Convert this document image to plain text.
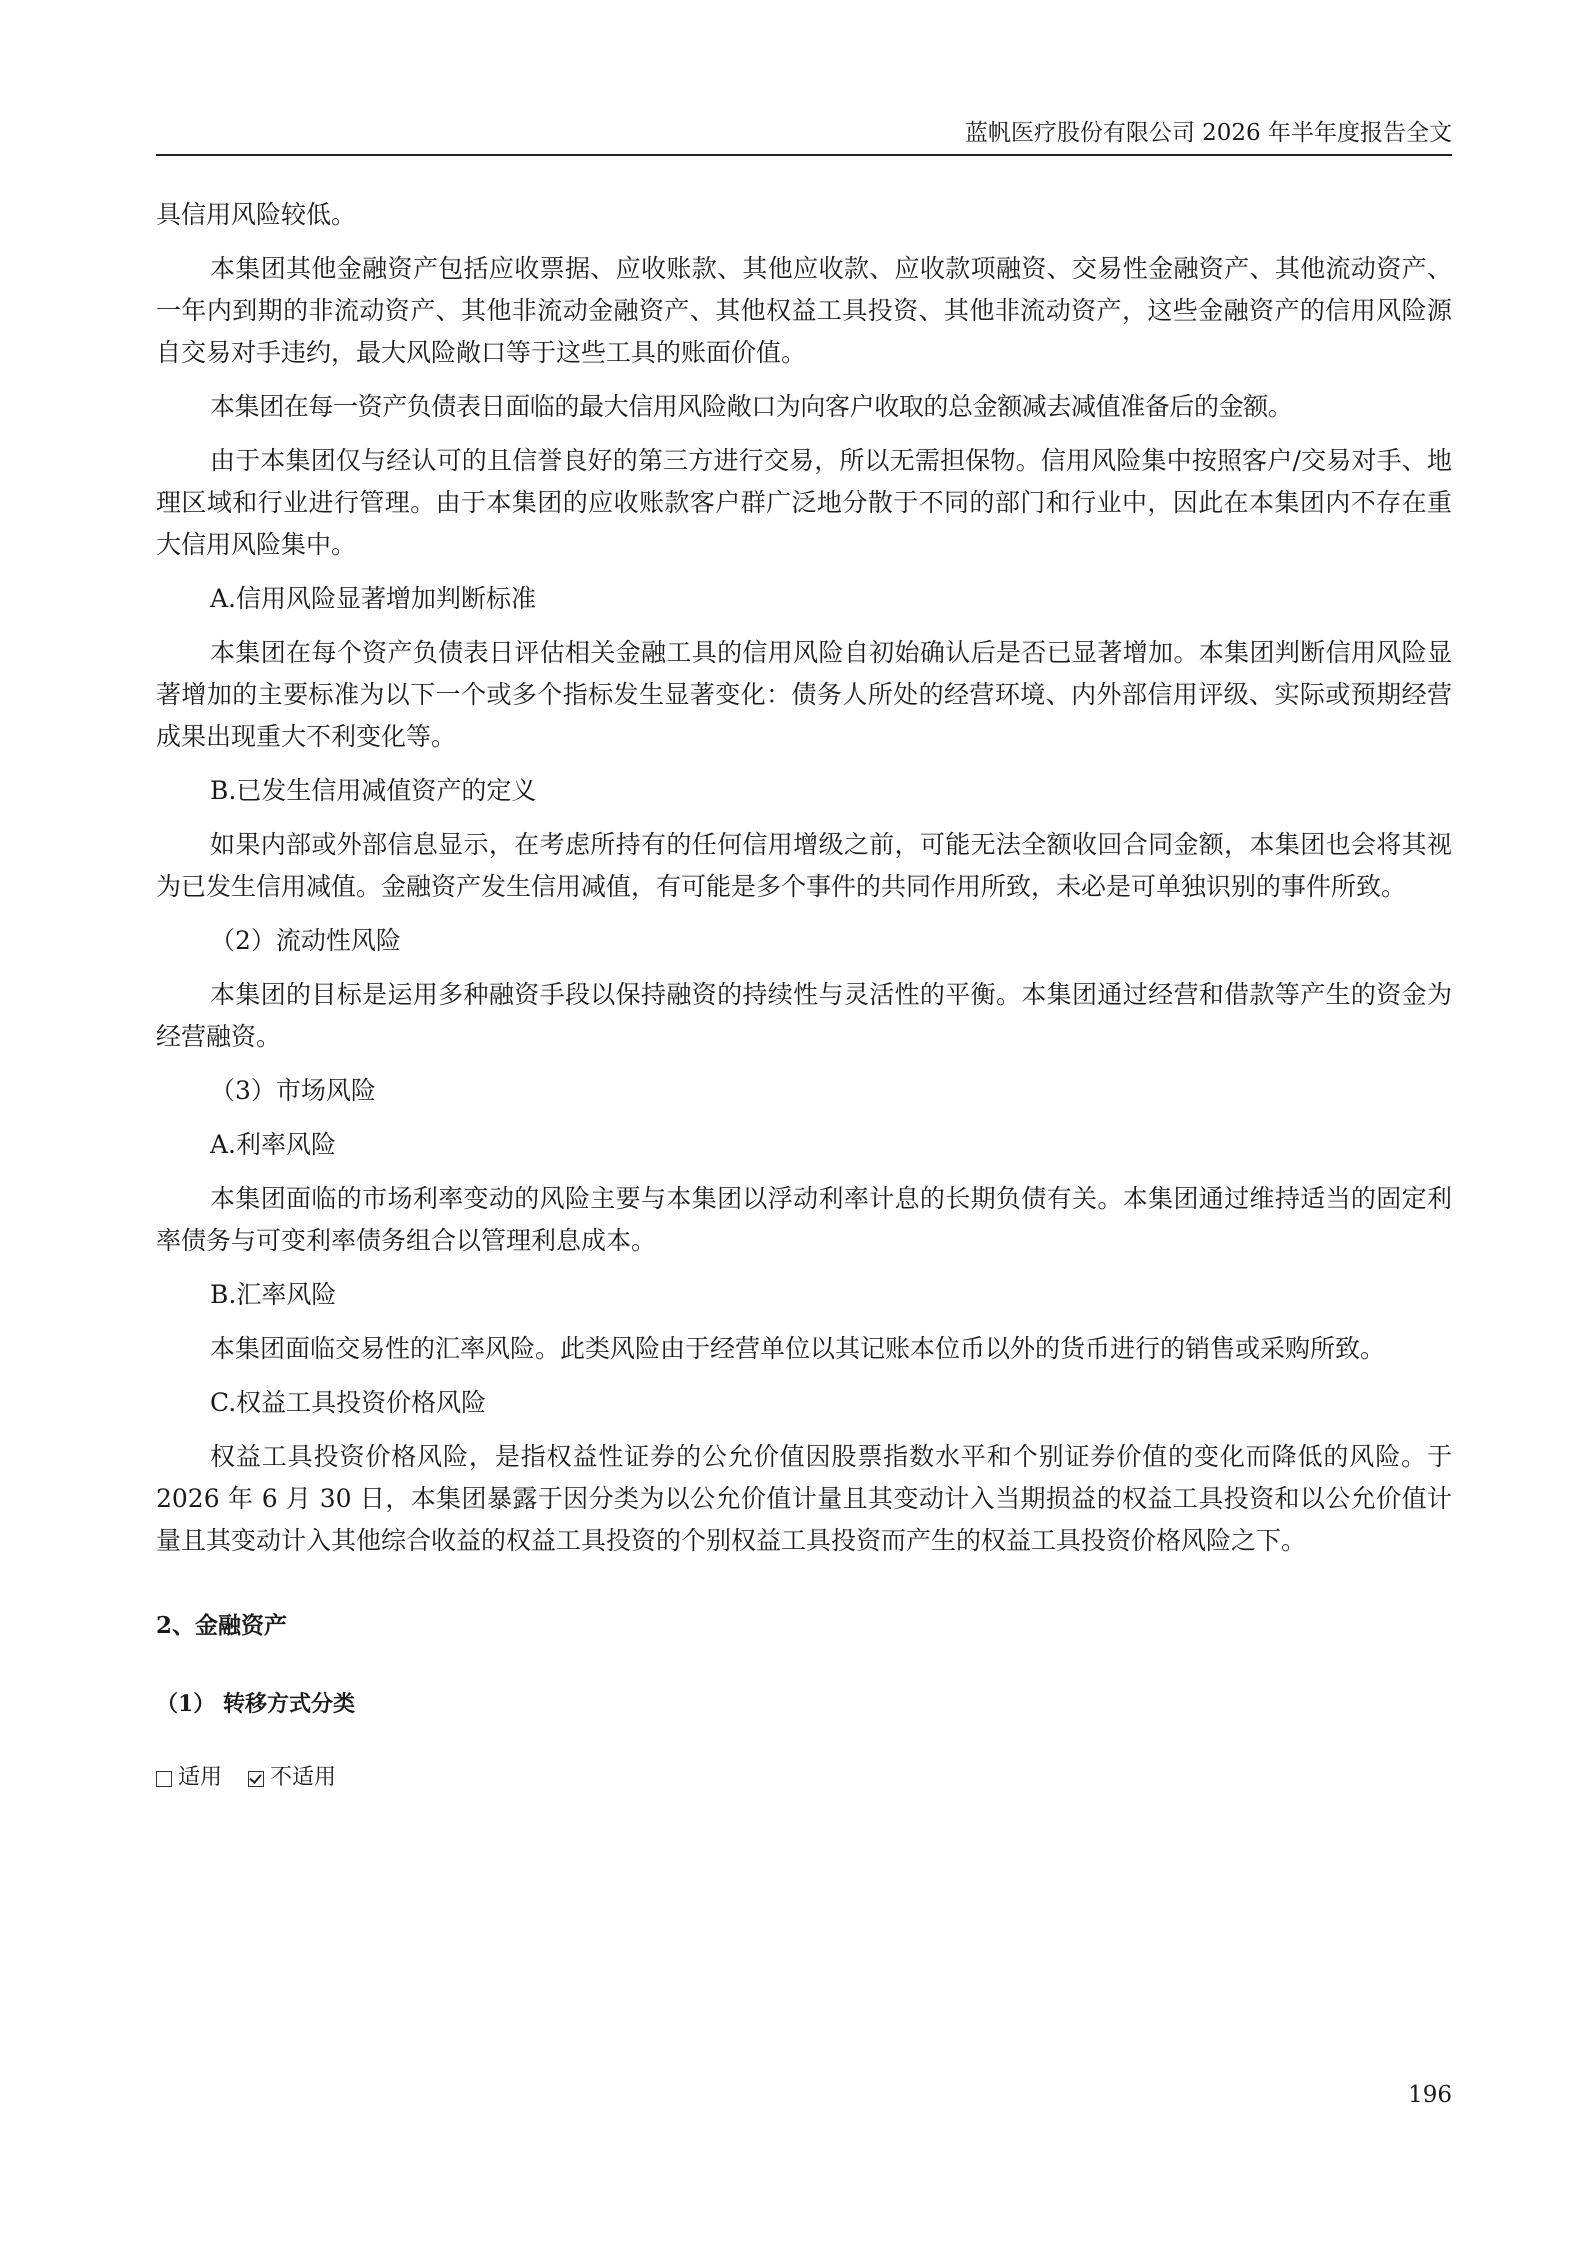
蓝帆医疗股份有限公司 2026 年半年度报告全文

具信用风险较低。

本集团其他金融资产包括应收票据、应收账款、其他应收款、应收款项融资、交易性金融资产、其他流动资产、一年内到期的非流动资产、其他非流动金融资产、其他权益工具投资、其他非流动资产，这些金融资产的信用风险源自交易对手违约，最大风险敞口等于这些工具的账面价值。

本集团在每一资产负债表日面临的最大信用风险敞口为向客户收取的总金额减去减值准备后的金额。

由于本集团仅与经认可的且信誉良好的第三方进行交易，所以无需担保物。信用风险集中按照客户/交易对手、地理区域和行业进行管理。由于本集团的应收账款客户群广泛地分散于不同的部门和行业中，因此在本集团内不存在重大信用风险集中。

A.信用风险显著增加判断标准

本集团在每个资产负债表日评估相关金融工具的信用风险自初始确认后是否已显著增加。本集团判断信用风险显著增加的主要标准为以下一个或多个指标发生显著变化：债务人所处的经营环境、内外部信用评级、实际或预期经营成果出现重大不利变化等。

B.已发生信用减值资产的定义

如果内部或外部信息显示，在考虑所持有的任何信用增级之前，可能无法全额收回合同金额，本集团也会将其视为已发生信用减值。金融资产发生信用减值，有可能是多个事件的共同作用所致，未必是可单独识别的事件所致。

（2）流动性风险

本集团的目标是运用多种融资手段以保持融资的持续性与灵活性的平衡。本集团通过经营和借款等产生的资金为经营融资。

（3）市场风险
A.利率风险

本集团面临的市场利率变动的风险主要与本集团以浮动利率计息的长期负债有关。本集团通过维持适当的固定利率债务与可变利率债务组合以管理利息成本。

B.汇率风险

本集团面临交易性的汇率风险。此类风险由于经营单位以其记账本位币以外的货币进行的销售或采购所致。

C.权益工具投资价格风险

权益工具投资价格风险，是指权益性证券的公允价值因股票指数水平和个别证券价值的变化而降低的风险。于 2026 年 6 月 30 日，本集团暴露于因分类为以公允价值计量且其变动计入当期损益的权益工具投资和以公允价值计量且其变动计入其他综合收益的权益工具投资的个别权益工具投资而产生的权益工具投资价格风险之下。

2、金融资产
（1） 转移方式分类
适用 不适用
196
